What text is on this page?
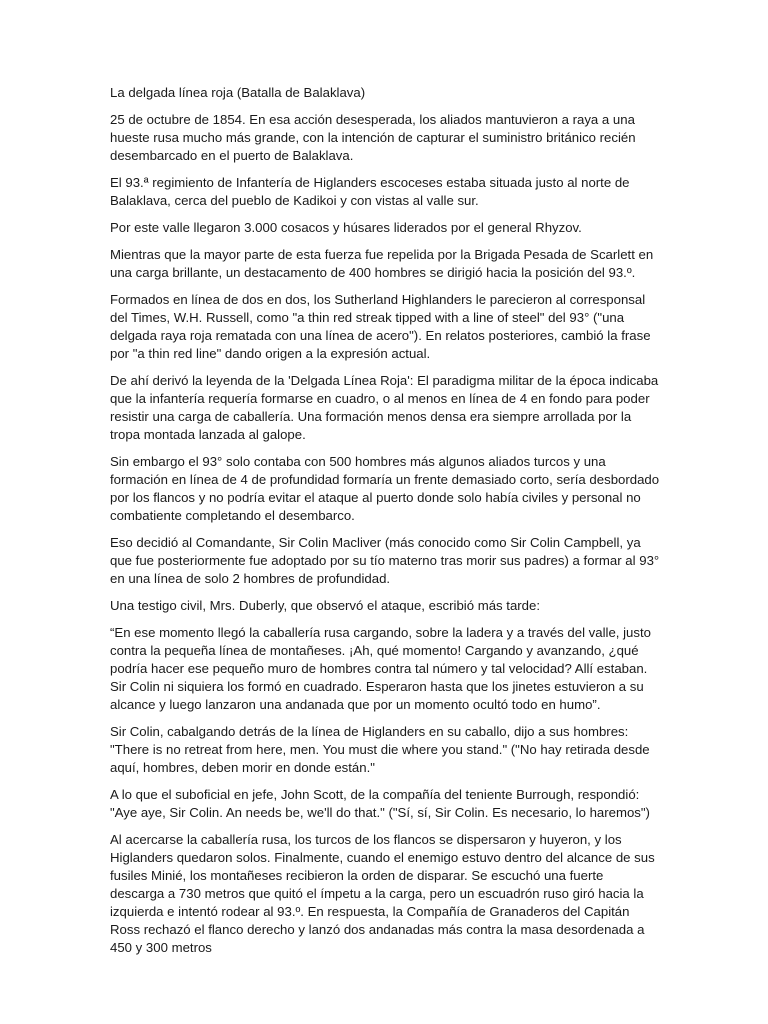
La delgada línea roja (Batalla de Balaklava)

25 de octubre de 1854. En esa acción desesperada, los aliados mantuvieron a raya a una hueste rusa mucho más grande, con la intención de capturar el suministro británico recién desembarcado en el puerto de Balaklava.

El 93.ª regimiento de Infantería de Higlanders escoceses estaba situada justo al norte de Balaklava, cerca del pueblo de Kadikoi y con vistas al valle sur.

Por este valle llegaron 3.000 cosacos y húsares liderados por el general Rhyzov.

Mientras que la mayor parte de esta fuerza fue repelida por la Brigada Pesada de Scarlett en una carga brillante, un destacamento de 400 hombres se dirigió hacia la posición del 93.º.

Formados en línea de dos en dos, los Sutherland Highlanders le parecieron al corresponsal del Times, W.H. Russell, como "a thin red streak tipped with a line of steel" del 93° ("una delgada raya roja rematada con una línea de acero"). En relatos posteriores, cambió la frase por "a thin red line" dando origen a la expresión actual.

De ahí derivó la leyenda de la 'Delgada Línea Roja': El paradigma militar de la época indicaba que la infantería requería formarse en cuadro, o al menos en línea de 4 en fondo para poder resistir una carga de caballería. Una formación menos densa era siempre arrollada por la tropa montada lanzada al galope.

Sin embargo el 93° solo contaba con 500 hombres más algunos aliados turcos y una formación en línea de 4 de profundidad formaría un frente demasiado corto, sería desbordado por los flancos y no podría evitar el ataque al puerto donde solo había civiles y personal no combatiente completando el desembarco.

Eso decidió al Comandante, Sir Colin Macliver (más conocido como Sir Colin Campbell, ya que fue posteriormente fue adoptado por su tío materno tras morir sus padres) a formar al 93° en una línea de solo 2 hombres de profundidad.

Una testigo civil, Mrs. Duberly, que observó el ataque, escribió más tarde:

“En ese momento llegó la caballería rusa cargando, sobre la ladera y a través del valle, justo contra la pequeña línea de montañeses. ¡Ah, qué momento! Cargando y avanzando, ¿qué podría hacer ese pequeño muro de hombres contra tal número y tal velocidad? Allí estaban. Sir Colin ni siquiera los formó en cuadrado. Esperaron hasta que los jinetes estuvieron a su alcance y luego lanzaron una andanada que por un momento ocultó todo en humo”.

Sir Colin, cabalgando detrás de la línea de Higlanders en su caballo, dijo a sus hombres: "There is no retreat from here, men. You must die where you stand." ("No hay retirada desde aquí, hombres, deben morir en donde están."

A lo que el suboficial en jefe, John Scott, de la compañía del teniente Burrough, respondió: "Aye aye, Sir Colin. An needs be, we'll do that." ("Sí, sí, Sir Colin. Es necesario, lo haremos")

Al acercarse la caballería rusa, los turcos de los flancos se dispersaron y huyeron, y los Higlanders quedaron solos. Finalmente, cuando el enemigo estuvo dentro del alcance de sus fusiles Minié, los montañeses recibieron la orden de disparar. Se escuchó una fuerte descarga a 730 metros que quitó el ímpetu a la carga, pero un escuadrón ruso giró hacia la izquierda e intentó rodear al 93.º. En respuesta, la Compañía de Granaderos del Capitán Ross rechazó el flanco derecho y lanzó dos andanadas más contra la masa desordenada a 450 y 300 metros
